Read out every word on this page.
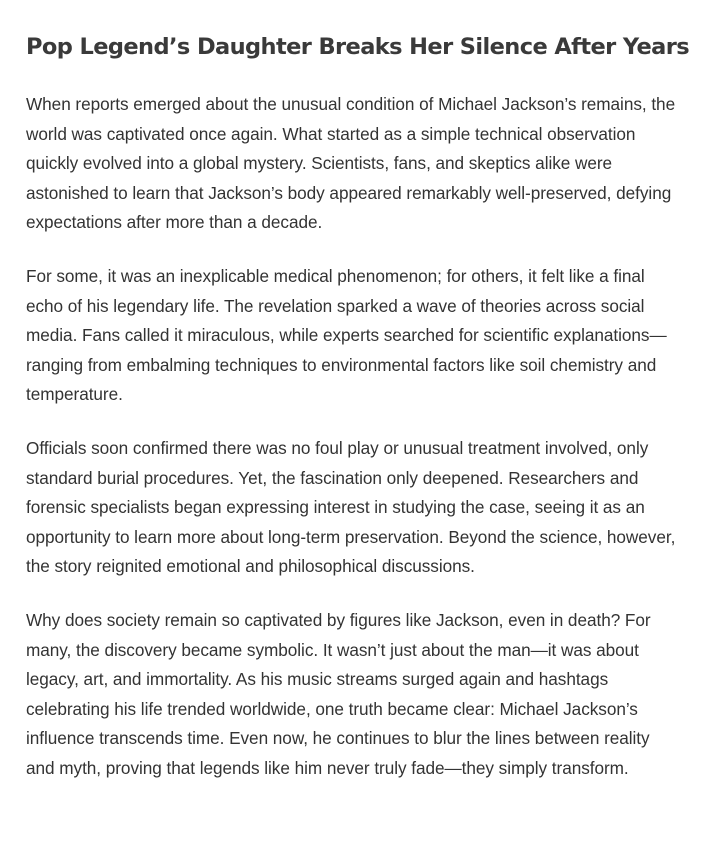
Pop Legend’s Daughter Breaks Her Silence After Years

When reports emerged about the unusual condition of Michael Jackson’s remains, the world was captivated once again. What started as a simple technical observation quickly evolved into a global mystery. Scientists, fans, and skeptics alike were astonished to learn that Jackson’s body appeared remarkably well-preserved, defying expectations after more than a decade.

For some, it was an inexplicable medical phenomenon; for others, it felt like a final echo of his legendary life. The revelation sparked a wave of theories across social media. Fans called it miraculous, while experts searched for scientific explanations—ranging from embalming techniques to environmental factors like soil chemistry and temperature.

Officials soon confirmed there was no foul play or unusual treatment involved, only standard burial procedures. Yet, the fascination only deepened. Researchers and forensic specialists began expressing interest in studying the case, seeing it as an opportunity to learn more about long-term preservation. Beyond the science, however, the story reignited emotional and philosophical discussions.

Why does society remain so captivated by figures like Jackson, even in death? For many, the discovery became symbolic. It wasn’t just about the man—it was about legacy, art, and immortality. As his music streams surged again and hashtags celebrating his life trended worldwide, one truth became clear: Michael Jackson’s influence transcends time. Even now, he continues to blur the lines between reality and myth, proving that legends like him never truly fade—they simply transform.
